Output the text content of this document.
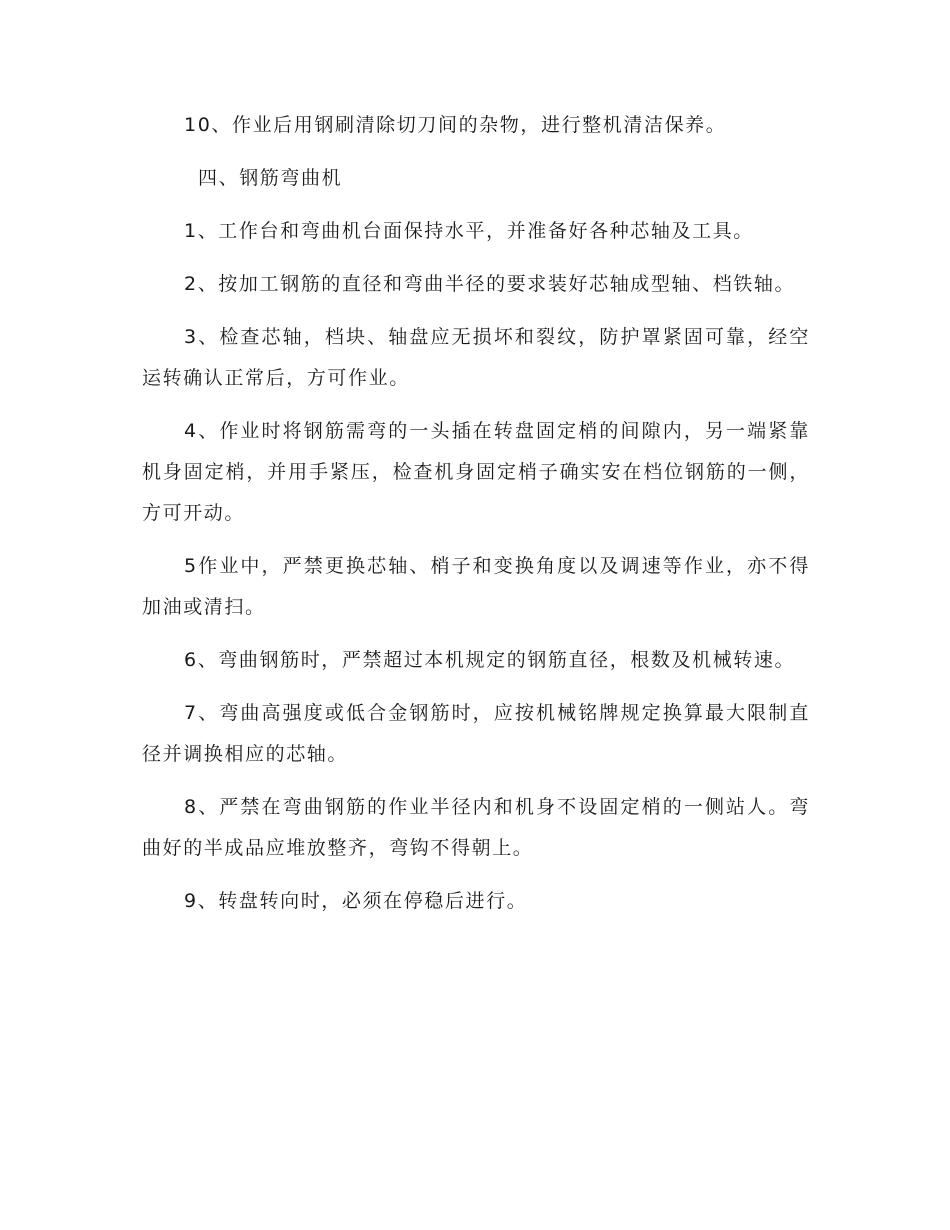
10、作业后用钢刷清除切刀间的杂物，进行整机清洁保养。

四、钢筋弯曲机

1、工作台和弯曲机台面保持水平，并准备好各种芯轴及工具。

2、按加工钢筋的直径和弯曲半径的要求装好芯轴成型轴、档铁轴。

3、检查芯轴，档块、轴盘应无损坏和裂纹，防护罩紧固可靠，经空运转确认正常后，方可作业。

4、作业时将钢筋需弯的一头插在转盘固定梢的间隙内，另一端紧靠机身固定梢，并用手紧压，检查机身固定梢子确实安在档位钢筋的一侧，方可开动。

5作业中，严禁更换芯轴、梢子和变换角度以及调速等作业，亦不得加油或清扫。

6、弯曲钢筋时，严禁超过本机规定的钢筋直径，根数及机械转速。

7、弯曲高强度或低合金钢筋时，应按机械铭牌规定换算最大限制直径并调换相应的芯轴。

8、严禁在弯曲钢筋的作业半径内和机身不设固定梢的一侧站人。弯曲好的半成品应堆放整齐，弯钩不得朝上。

9、转盘转向时，必须在停稳后进行。
